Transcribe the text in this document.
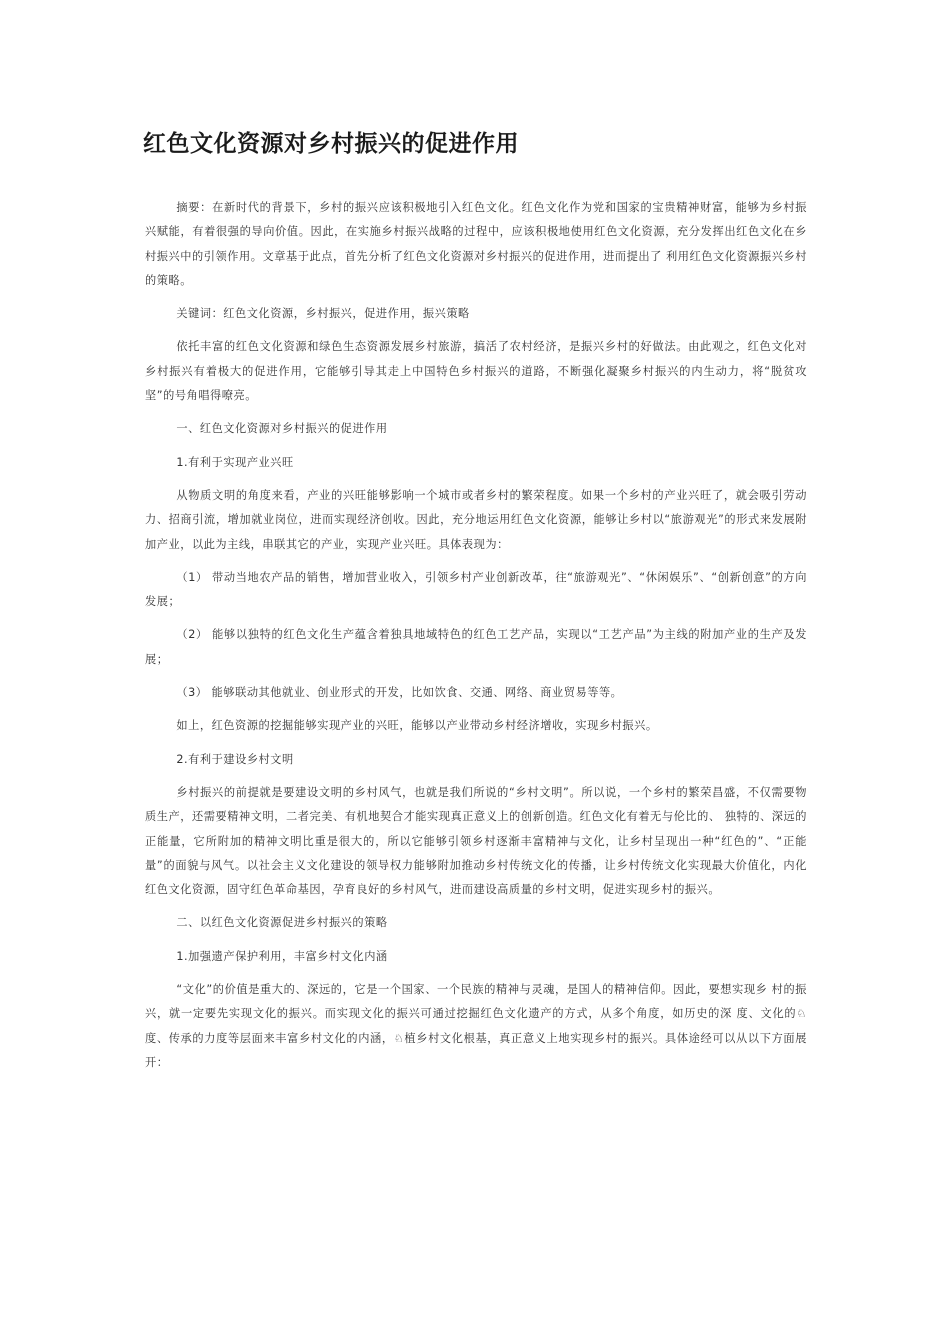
红色文化资源对乡村振兴的促进作用

摘要：在新时代的背景下，乡村的振兴应该积极地引入红色文化。红色文化作为党和国家的宝贵精神财富，能够为乡村振兴赋能，有着很强的导向价值。因此，在实施乡村振兴战略的过程中，应该积极地使用红色文化资源，充分发挥出红色文化在乡村振兴中的引领作用。文章基于此点，首先分析了红色文化资源对乡村振兴的促进作用，进而提出了 利用红色文化资源振兴乡村的策略。

关键词：红色文化资源，乡村振兴，促进作用，振兴策略

依托丰富的红色文化资源和绿色生态资源发展乡村旅游，搞活了农村经济，是振兴乡村的好做法。由此观之，红色文化对乡村振兴有着极大的促进作用，它能够引导其走上中国特色乡村振兴的道路，不断强化凝聚乡村振兴的内生动力，将“脱贫攻坚”的号角唱得嘹亮。

一、红色文化资源对乡村振兴的促进作用

1.有利于实现产业兴旺

从物质文明的角度来看，产业的兴旺能够影响一个城市或者乡村的繁荣程度。如果一个乡村的产业兴旺了，就会吸引劳动力、招商引流，增加就业岗位，进而实现经济创收。因此，充分地运用红色文化资源，能够让乡村以“旅游观光”的形式来发展附加产业，以此为主线，串联其它的产业，实现产业兴旺。具体表现为：

（1） 带动当地农产品的销售，增加营业收入，引领乡村产业创新改革，往“旅游观光”、“休闲娱乐”、“创新创意”的方向发展；

（2） 能够以独特的红色文化生产蕴含着独具地域特色的红色工艺产品，实现以“工艺产品”为主线的附加产业的生产及发展；

（3） 能够联动其他就业、创业形式的开发，比如饮食、交通、网络、商业贸易等等。

如上，红色资源的挖掘能够实现产业的兴旺，能够以产业带动乡村经济增收，实现乡村振兴。

2.有利于建设乡村文明

乡村振兴的前提就是要建设文明的乡村风气，也就是我们所说的“乡村文明”。所以说，一个乡村的繁荣昌盛，不仅需要物质生产，还需要精神文明，二者完美、有机地契合才能实现真正意义上的创新创造。红色文化有着无与伦比的、 独特的、深远的正能量，它所附加的精神文明比重是很大的，所以它能够引领乡村逐渐丰富精神与文化，让乡村呈现出一种“红色的”、“正能量”的面貌与风气。以社会主义文化建设的领导权力能够附加推动乡村传统文化的传播，让乡村传统文化实现最大价值化，内化红色文化资源，固守红色革命基因，孕育良好的乡村风气，进而建设高质量的乡村文明，促进实现乡村的振兴。

二、以红色文化资源促进乡村振兴的策略

1.加强遗产保护利用，丰富乡村文化内涵

“文化”的价值是重大的、深远的，它是一个国家、一个民族的精神与灵魂，是国人的精神信仰。因此，要想实现乡 村的振兴，就一定要先实现文化的振兴。而实现文化的振兴可通过挖掘红色文化遗产的方式，从多个角度，如历史的深 度、文化的♘度、传承的力度等层面来丰富乡村文化的内涵，♘植乡村文化根基，真正意义上地实现乡村的振兴。具体途经可以从以下方面展开：
